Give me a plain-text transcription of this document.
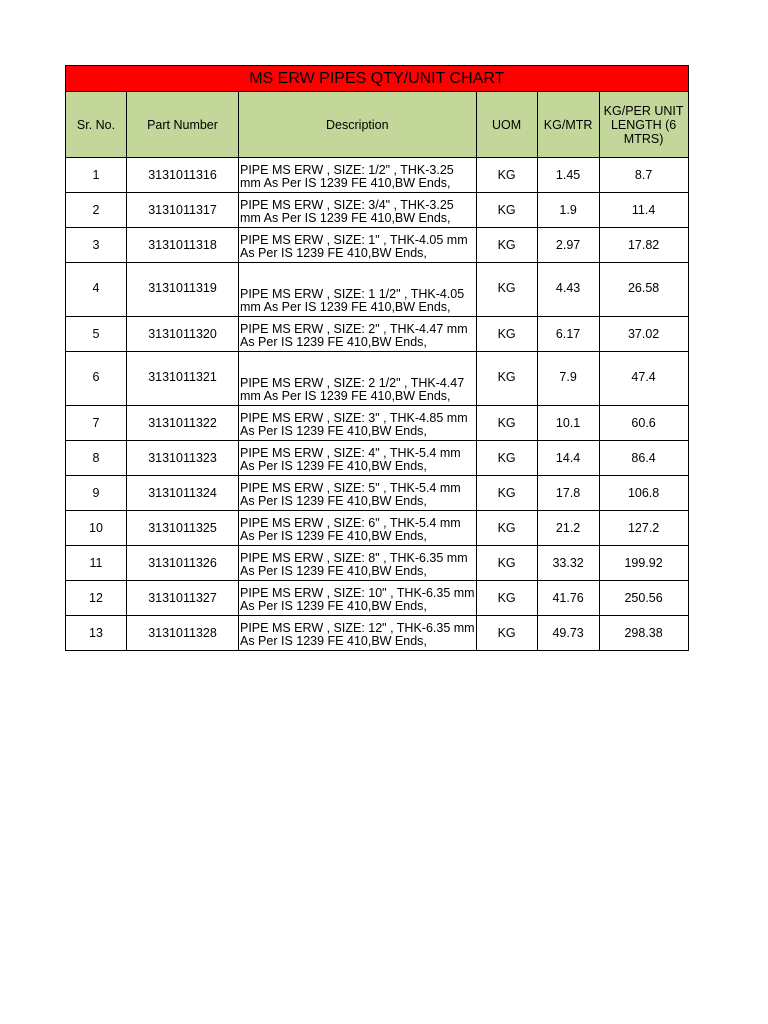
MS ERW PIPES QTY/UNIT CHART					
Sr. No.	Part Number	Description	UOM	KG/MTR	KG/PER UNIT LENGTH (6 MTRS)
1	3131011316	PIPE MS ERW , SIZE: 1/2" , THK-3.25
mm As Per IS 1239 FE 410,BW Ends,	KG	1.45	8.7
2	3131011317	PIPE MS ERW , SIZE: 3/4" , THK-3.25
mm As Per IS 1239 FE 410,BW Ends,	KG	1.9	11.4
3	3131011318	PIPE MS ERW , SIZE: 1" , THK-4.05 mm
As Per IS 1239 FE 410,BW Ends,	KG	2.97	17.82
4	3131011319	PIPE MS ERW , SIZE: 1 1/2" , THK-4.05
mm As Per IS 1239 FE 410,BW Ends,	KG	4.43	26.58
5	3131011320	PIPE MS ERW , SIZE: 2" , THK-4.47 mm
As Per IS 1239 FE 410,BW Ends,	KG	6.17	37.02
6	3131011321	PIPE MS ERW , SIZE: 2 1/2" , THK-4.47
mm As Per IS 1239 FE 410,BW Ends,	KG	7.9	47.4
7	3131011322	PIPE MS ERW , SIZE: 3" , THK-4.85 mm
As Per IS 1239 FE 410,BW Ends,	KG	10.1	60.6
8	3131011323	PIPE MS ERW , SIZE: 4" , THK-5.4 mm
As Per IS 1239 FE 410,BW Ends,	KG	14.4	86.4
9	3131011324	PIPE MS ERW , SIZE: 5" , THK-5.4 mm
As Per IS 1239 FE 410,BW Ends,	KG	17.8	106.8
10	3131011325	PIPE MS ERW , SIZE: 6" , THK-5.4 mm
As Per IS 1239 FE 410,BW Ends,	KG	21.2	127.2
11	3131011326	PIPE MS ERW , SIZE: 8" , THK-6.35 mm
As Per IS 1239 FE 410,BW Ends,	KG	33.32	199.92
12	3131011327	PIPE MS ERW , SIZE: 10" , THK-6.35 mm
As Per IS 1239 FE 410,BW Ends,	KG	41.76	250.56
13	3131011328	PIPE MS ERW , SIZE: 12" , THK-6.35 mm
As Per IS 1239 FE 410,BW Ends,	KG	49.73	298.38
